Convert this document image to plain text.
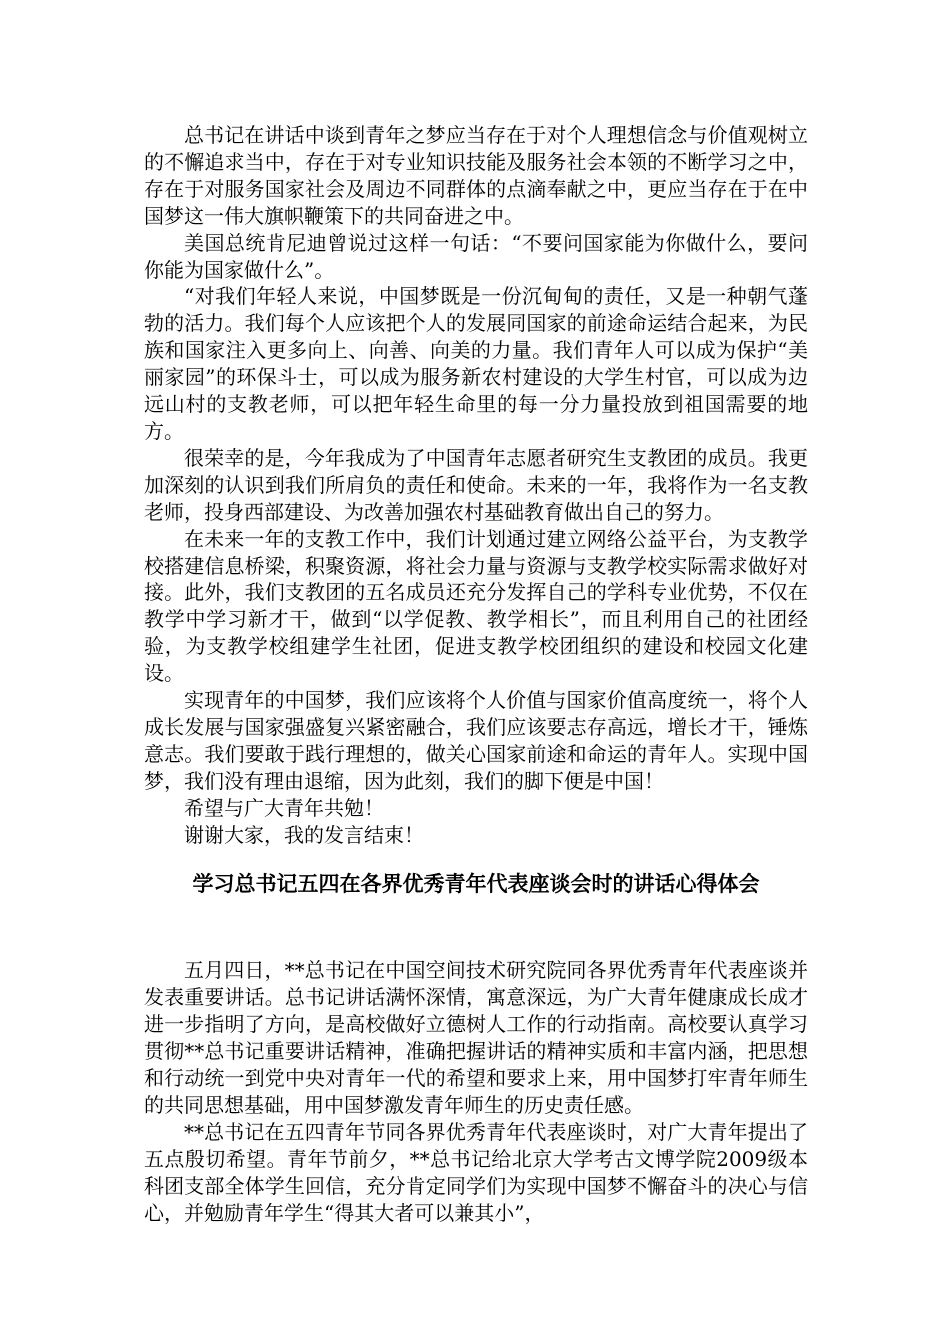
总书记在讲话中谈到青年之梦应当存在于对个人理想信念与价值观树立的不懈追求当中，存在于对专业知识技能及服务社会本领的不断学习之中，存在于对服务国家社会及周边不同群体的点滴奉献之中，更应当存在于在中国梦这一伟大旗帜鞭策下的共同奋进之中。

美国总统肯尼迪曾说过这样一句话：“不要问国家能为你做什么，要问你能为国家做什么”。

“对我们年轻人来说，中国梦既是一份沉甸甸的责任，又是一种朝气蓬勃的活力。我们每个人应该把个人的发展同国家的前途命运结合起来，为民族和国家注入更多向上、向善、向美的力量。我们青年人可以成为保护“美丽家园”的环保斗士，可以成为服务新农村建设的大学生村官，可以成为边远山村的支教老师，可以把年轻生命里的每一分力量投放到祖国需要的地方。

很荣幸的是，今年我成为了中国青年志愿者研究生支教团的成员。我更加深刻的认识到我们所肩负的责任和使命。未来的一年，我将作为一名支教老师，投身西部建设、为改善加强农村基础教育做出自己的努力。

在未来一年的支教工作中，我们计划通过建立网络公益平台，为支教学校搭建信息桥梁，积聚资源，将社会力量与资源与支教学校实际需求做好对接。此外，我们支教团的五名成员还充分发挥自己的学科专业优势，不仅在教学中学习新才干，做到“以学促教、教学相长”，而且利用自己的社团经验，为支教学校组建学生社团，促进支教学校团组织的建设和校园文化建设。

实现青年的中国梦，我们应该将个人价值与国家价值高度统一，将个人成长发展与国家强盛复兴紧密融合，我们应该要志存高远，增长才干，锤炼意志。我们要敢于践行理想的，做关心国家前途和命运的青年人。实现中国梦，我们没有理由退缩，因为此刻，我们的脚下便是中国！

希望与广大青年共勉！

谢谢大家，我的发言结束！

学习总书记五四在各界优秀青年代表座谈会时的讲话心得体会

五月四日，**总书记在中国空间技术研究院同各界优秀青年代表座谈并发表重要讲话。总书记讲话满怀深情，寓意深远，为广大青年健康成长成才进一步指明了方向，是高校做好立德树人工作的行动指南。高校要认真学习贯彻**总书记重要讲话精神，准确把握讲话的精神实质和丰富内涵，把思想和行动统一到党中央对青年一代的希望和要求上来，用中国梦打牢青年师生的共同思想基础，用中国梦激发青年师生的历史责任感。

**总书记在五四青年节同各界优秀青年代表座谈时，对广大青年提出了五点殷切希望。青年节前夕，**总书记给北京大学考古文博学院2009级本科团支部全体学生回信，充分肯定同学们为实现中国梦不懈奋斗的决心与信心，并勉励青年学生“得其大者可以兼其小”，
